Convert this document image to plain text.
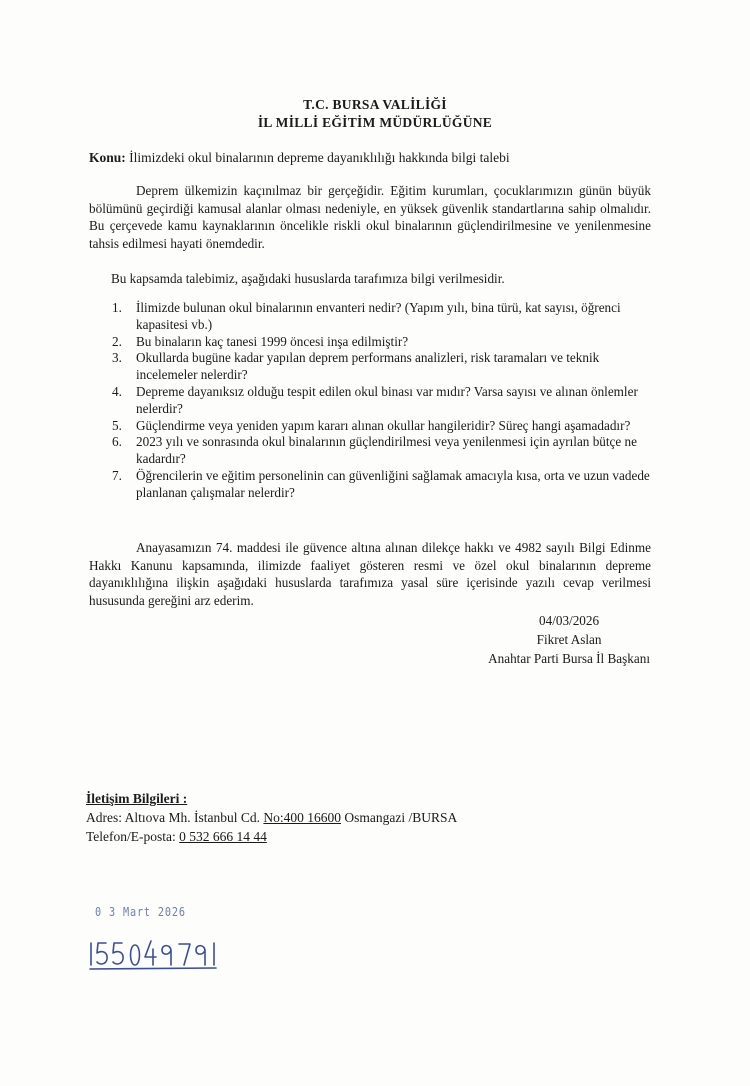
T.C. BURSA VALİLİĞİ
İL MİLLİ EĞİTİM MÜDÜRLÜĞÜNE
Konu: İlimizdeki okul binalarının depreme dayanıklılığı hakkında bilgi talebi
Deprem ülkemizin kaçınılmaz bir gerçeğidir. Eğitim kurumları, çocuklarımızın günün büyük bölümünü geçirdiği kamusal alanlar olması nedeniyle, en yüksek güvenlik standartlarına sahip olmalıdır. Bu çerçevede kamu kaynaklarının öncelikle riskli okul binalarının güçlendirilmesine ve yenilenmesine tahsis edilmesi hayati önemdedir.
Bu kapsamda talebimiz, aşağıdaki hususlarda tarafımıza bilgi verilmesidir.
1. İlimizde bulunan okul binalarının envanteri nedir? (Yapım yılı, bina türü, kat sayısı, öğrenci kapasitesi vb.)
2. Bu binaların kaç tanesi 1999 öncesi inşa edilmiştir?
3. Okullarda bugüne kadar yapılan deprem performans analizleri, risk taramaları ve teknik incelemeler nelerdir?
4. Depreme dayanıksız olduğu tespit edilen okul binası var mıdır? Varsa sayısı ve alınan önlemler nelerdir?
5. Güçlendirme veya yeniden yapım kararı alınan okullar hangileridir? Süreç hangi aşamadadır?
6. 2023 yılı ve sonrasında okul binalarının güçlendirilmesi veya yenilenmesi için ayrılan bütçe ne kadardır?
7. Öğrencilerin ve eğitim personelinin can güvenliğini sağlamak amacıyla kısa, orta ve uzun vadede planlanan çalışmalar nelerdir?
Anayasamızın 74. maddesi ile güvence altına alınan dilekçe hakkı ve 4982 sayılı Bilgi Edinme Hakkı Kanunu kapsamında, ilimizde faaliyet gösteren resmi ve özel okul binalarının depreme dayanıklılığına ilişkin aşağıdaki hususlarda tarafımıza yasal süre içerisinde yazılı cevap verilmesi hususunda gereğini arz ederim.
04/03/2026
Fikret Aslan
Anahtar Parti Bursa İl Başkanı
İletişim Bilgileri :
Adres: Altıova Mh. İstanbul Cd. No:400 16600 Osmangazi /BURSA
Telefon/E-posta: 0 532 666 14 44
0 3 Mart 2026
